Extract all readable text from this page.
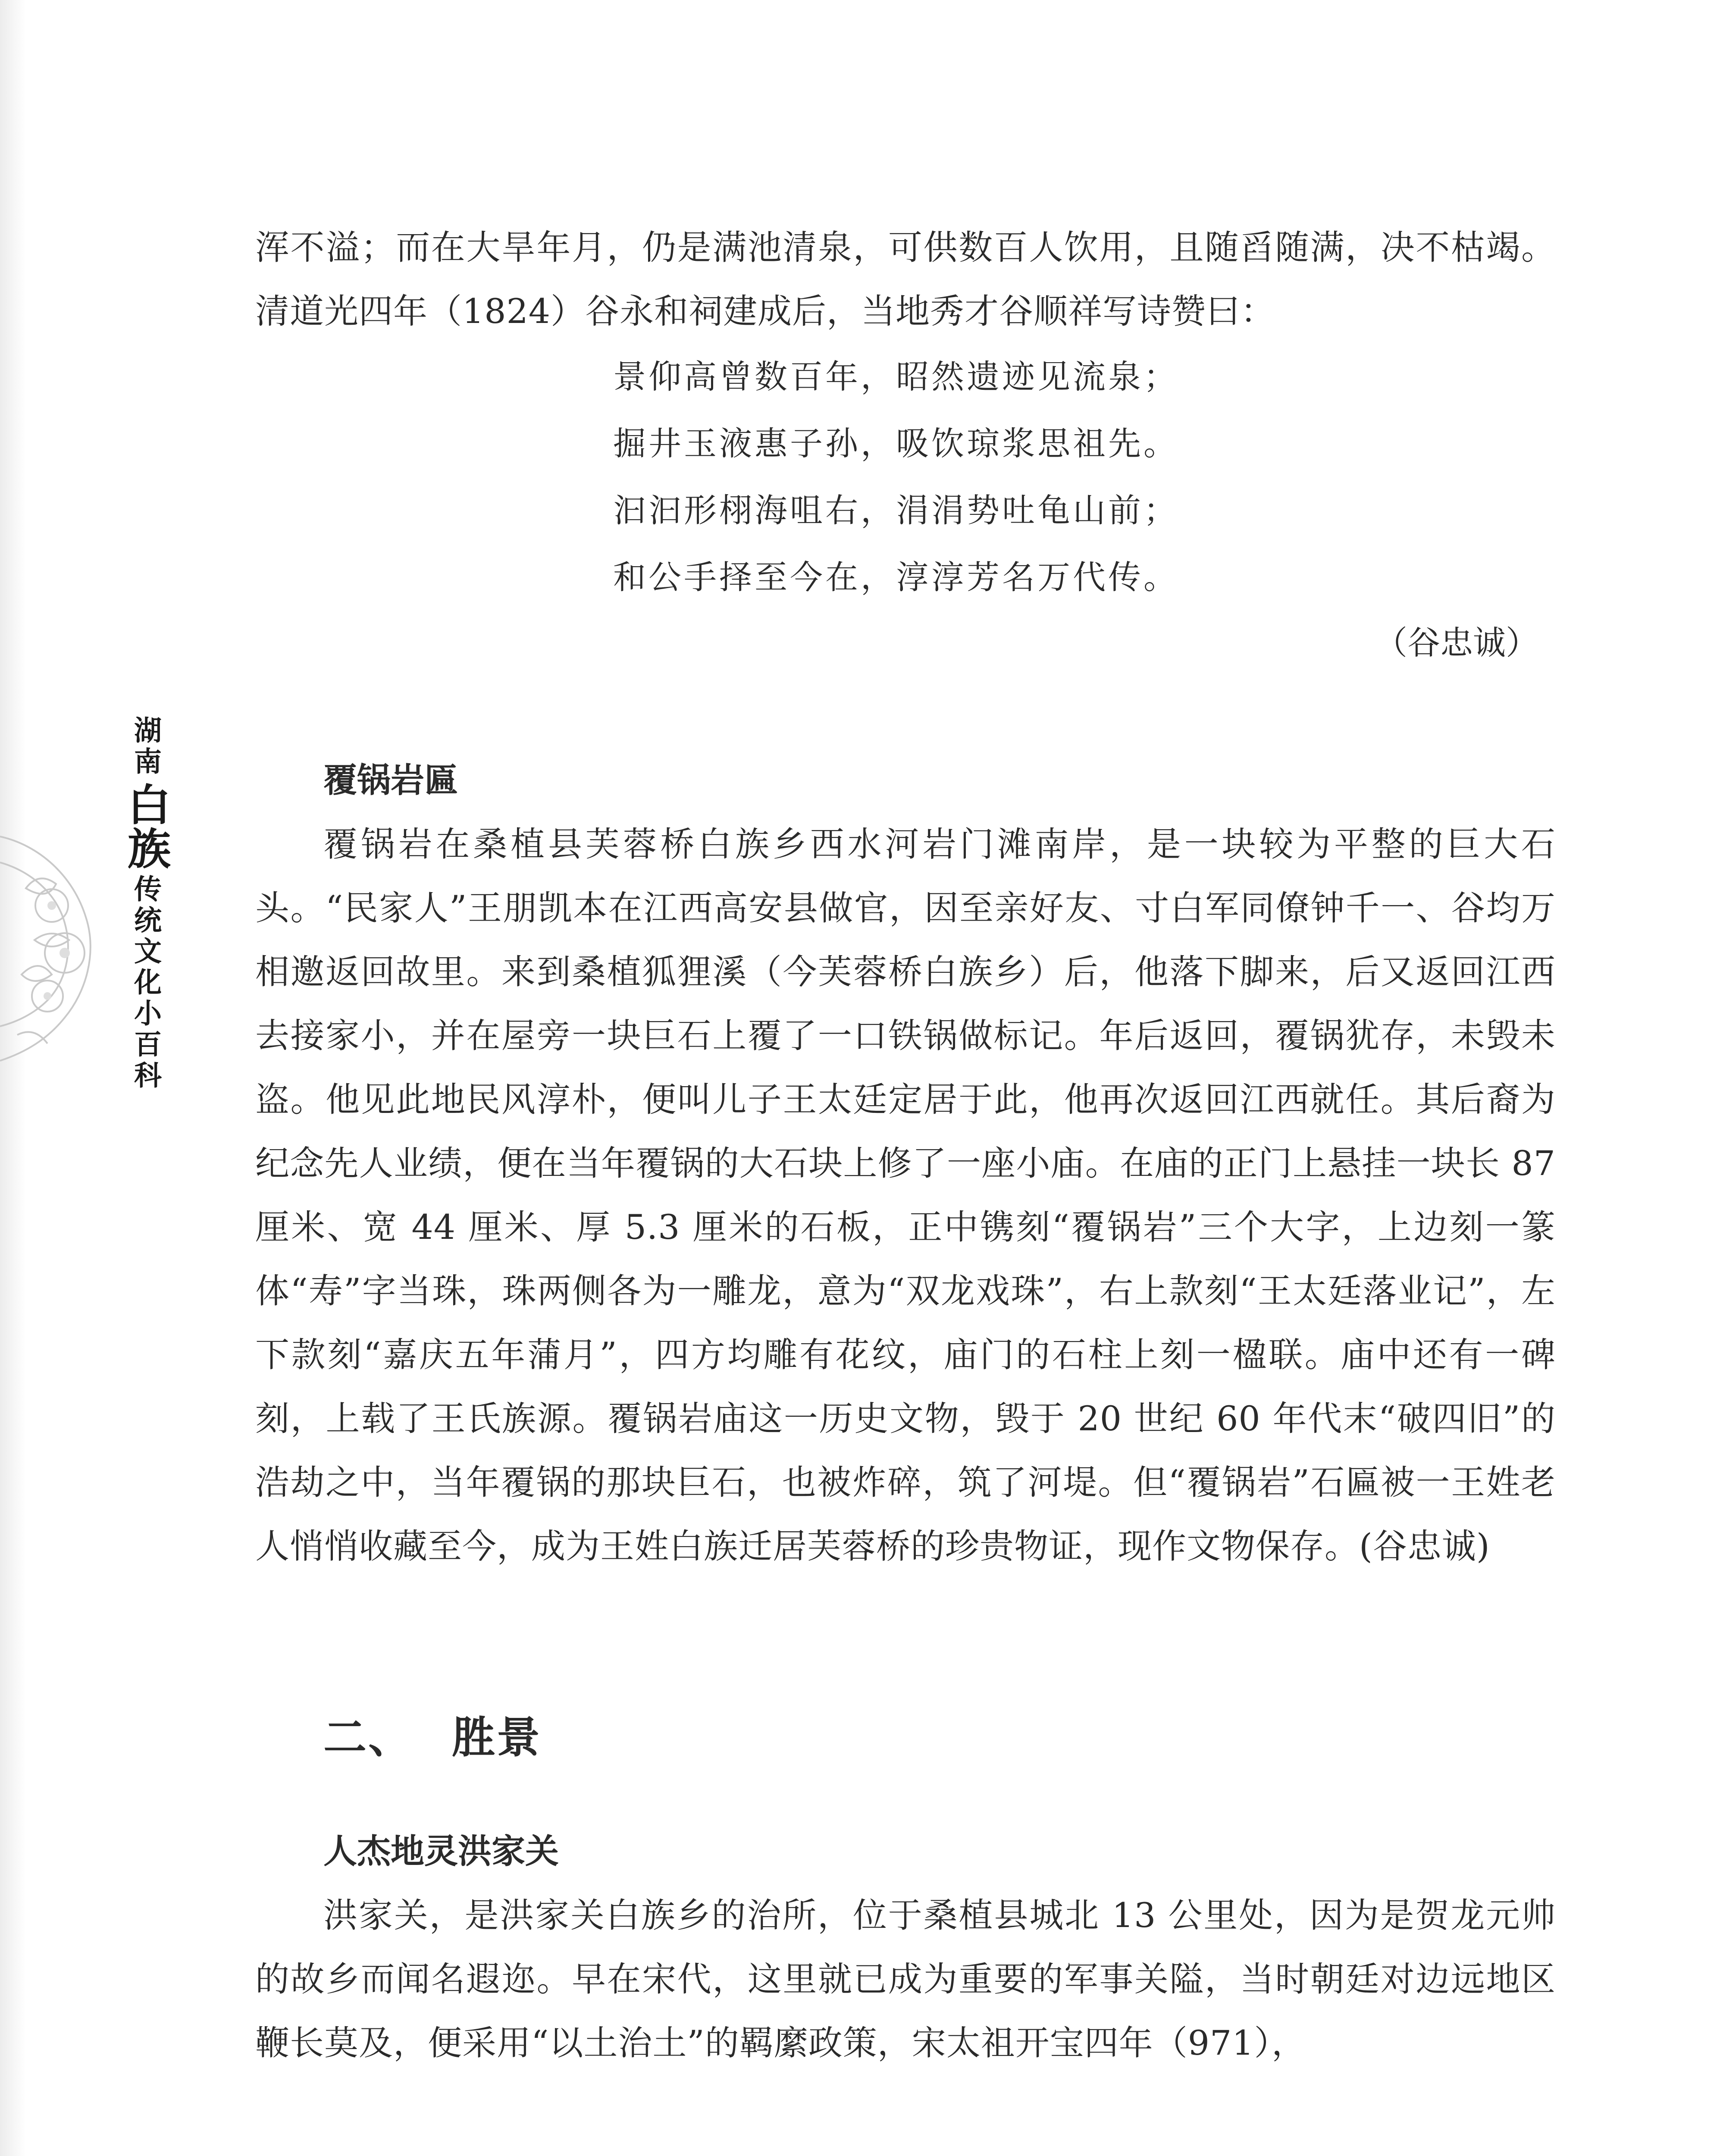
湖南
白族
传统文化小百科

浑不溢；而在大旱年月，仍是满池清泉，可供数百人饮用，且随舀随满，决不枯竭。清道光四年（1824）谷永和祠建成后，当地秀才谷顺祥写诗赞曰：

景仰高曾数百年，昭然遗迹见流泉；
掘井玉液惠子孙，吸饮琼浆思祖先。
汩汩形栩海咀右，涓涓势吐龟山前；
和公手择至今在，淳淳芳名万代传。

（谷忠诚）

覆锅岩匾

覆锅岩在桑植县芙蓉桥白族乡西水河岩门滩南岸，是一块较为平整的巨大石头。“民家人”王朋凯本在江西高安县做官，因至亲好友、寸白军同僚钟千一、谷均万相邀返回故里。来到桑植狐狸溪（今芙蓉桥白族乡）后，他落下脚来，后又返回江西去接家小，并在屋旁一块巨石上覆了一口铁锅做标记。年后返回，覆锅犹存，未毁未盗。他见此地民风淳朴，便叫儿子王太廷定居于此，他再次返回江西就任。其后裔为纪念先人业绩，便在当年覆锅的大石块上修了一座小庙。在庙的正门上悬挂一块长 87 厘米、宽 44 厘米、厚 5.3 厘米的石板，正中镌刻“覆锅岩”三个大字，上边刻一篆体“寿”字当珠，珠两侧各为一雕龙，意为“双龙戏珠”，右上款刻“王太廷落业记”，左下款刻“嘉庆五年蒲月”，四方均雕有花纹，庙门的石柱上刻一楹联。庙中还有一碑刻，上载了王氏族源。覆锅岩庙这一历史文物，毁于 20 世纪 60 年代末“破四旧”的浩劫之中，当年覆锅的那块巨石，也被炸碎，筑了河堤。但“覆锅岩”石匾被一王姓老人悄悄收藏至今，成为王姓白族迁居芙蓉桥的珍贵物证，现作文物保存。(谷忠诚)

二、 胜景
人杰地灵洪家关

洪家关，是洪家关白族乡的治所，位于桑植县城北 13 公里处，因为是贺龙元帅的故乡而闻名遐迩。早在宋代，这里就已成为重要的军事关隘，当时朝廷对边远地区鞭长莫及，便采用“以土治土”的羁縻政策，宋太祖开宝四年（971），
